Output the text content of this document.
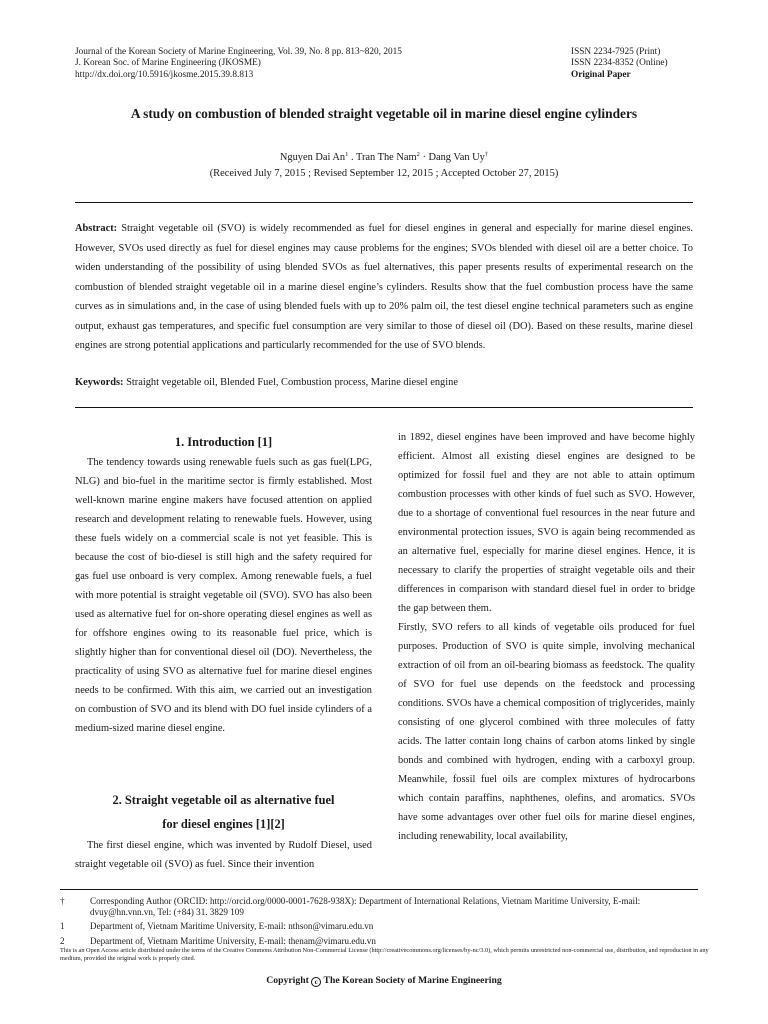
Journal of the Korean Society of Marine Engineering, Vol. 39, No. 8 pp. 813~820, 2015
J. Korean Soc. of Marine Engineering (JKOSME)
http://dx.doi.org/10.5916/jkosme.2015.39.8.813
ISSN 2234-7925 (Print)
ISSN 2234-8352 (Online)
Original Paper
A study on combustion of blended straight vegetable oil in marine diesel engine cylinders
Nguyen Dai An$^1$ . Tran The Nam$^2$ · Dang Van Uy†
(Received July 7, 2015 ; Revised September 12, 2015 ; Accepted October 27, 2015)
Abstract: Straight vegetable oil (SVO) is widely recommended as fuel for diesel engines in general and especially for marine diesel engines. However, SVOs used directly as fuel for diesel engines may cause problems for the engines; SVOs blended with diesel oil are a better choice. To widen understanding of the possibility of using blended SVOs as fuel alternatives, this paper presents results of experimental research on the combustion of blended straight vegetable oil in a marine diesel engine’s cylinders. Results show that the fuel combustion process have the same curves as in simulations and, in the case of using blended fuels with up to 20% palm oil, the test diesel engine technical parameters such as engine output, exhaust gas temperatures, and specific fuel consumption are very similar to those of diesel oil (DO). Based on these results, marine diesel engines are strong potential applications and particularly recommended for the use of SVO blends.
Keywords: Straight vegetable oil, Blended Fuel, Combustion process, Marine diesel engine
1. Introduction [1]

The tendency towards using renewable fuels such as gas fuel(LPG, NLG) and bio-fuel in the maritime sector is firmly established. Most well-known marine engine makers have focused attention on applied research and development relating to renewable fuels. However, using these fuels widely on a commercial scale is not yet feasible. This is because the cost of bio-diesel is still high and the safety required for gas fuel use onboard is very complex. Among renewable fuels, a fuel with more potential is straight vegetable oil (SVO). SVO has also been used as alternative fuel for on-shore operating diesel engines as well as for offshore engines owing to its reasonable fuel price, which is slightly higher than for conventional diesel oil (DO). Nevertheless, the practicality of using SVO as alternative fuel for marine diesel engines needs to be confirmed. With this aim, we carried out an investigation on combustion of SVO and its blend with DO fuel inside cylinders of a medium-sized marine diesel engine.

2. Straight vegetable oil as alternative fuel
for diesel engines [1][2]

The first diesel engine, which was invented by Rudolf Diesel, used straight vegetable oil (SVO) as fuel. Since their invention

in 1892, diesel engines have been improved and have become highly efficient. Almost all existing diesel engines are designed to be optimized for fossil fuel and they are not able to attain optimum combustion processes with other kinds of fuel such as SVO. However, due to a shortage of conventional fuel resources in the near future and environmental protection issues, SVO is again being recommended as an alternative fuel, especially for marine diesel engines. Hence, it is necessary to clarify the properties of straight vegetable oils and their differences in comparison with standard diesel fuel in order to bridge the gap between them.

Firstly, SVO refers to all kinds of vegetable oils produced for fuel purposes. Production of SVO is quite simple, involving mechanical extraction of oil from an oil-bearing biomass as feedstock. The quality of SVO for fuel use depends on the feedstock and processing conditions. SVOs have a chemical composition of triglycerides, mainly consisting of one glycerol combined with three molecules of fatty acids. The latter contain long chains of carbon atoms linked by single bonds and combined with hydrogen, ending with a carboxyl group. Meanwhile, fossil fuel oils are complex mixtures of hydrocarbons which contain paraffins, naphthenes, olefins, and aromatics. SVOs have some advantages over other fuel oils for marine diesel engines, including renewability, local availability,

†	Corresponding Author (ORCID: http://orcid.org/0000-0001-7628-938X): Department of International Relations, Vietnam Maritime University, E-mail: dvuy@hn.vnn.vn, Tel: (+84) 31. 3829 109
1	Department of, Vietnam Maritime University, E-mail: nthson@vimaru.edu.vn
2	Department of, Vietnam Maritime University, E-mail: thenam@vimaru.edu.vn
This is an Open Access article distributed under the terms of the Creative Commons Attribution Non-Commercial License (http://creativecommons.org/licenses/by-nc/3.0), which permits unrestricted non-commercial use, distribution, and reproduction in any medium, provided the original work is properly cited.
Copyright c The Korean Society of Marine Engineering
